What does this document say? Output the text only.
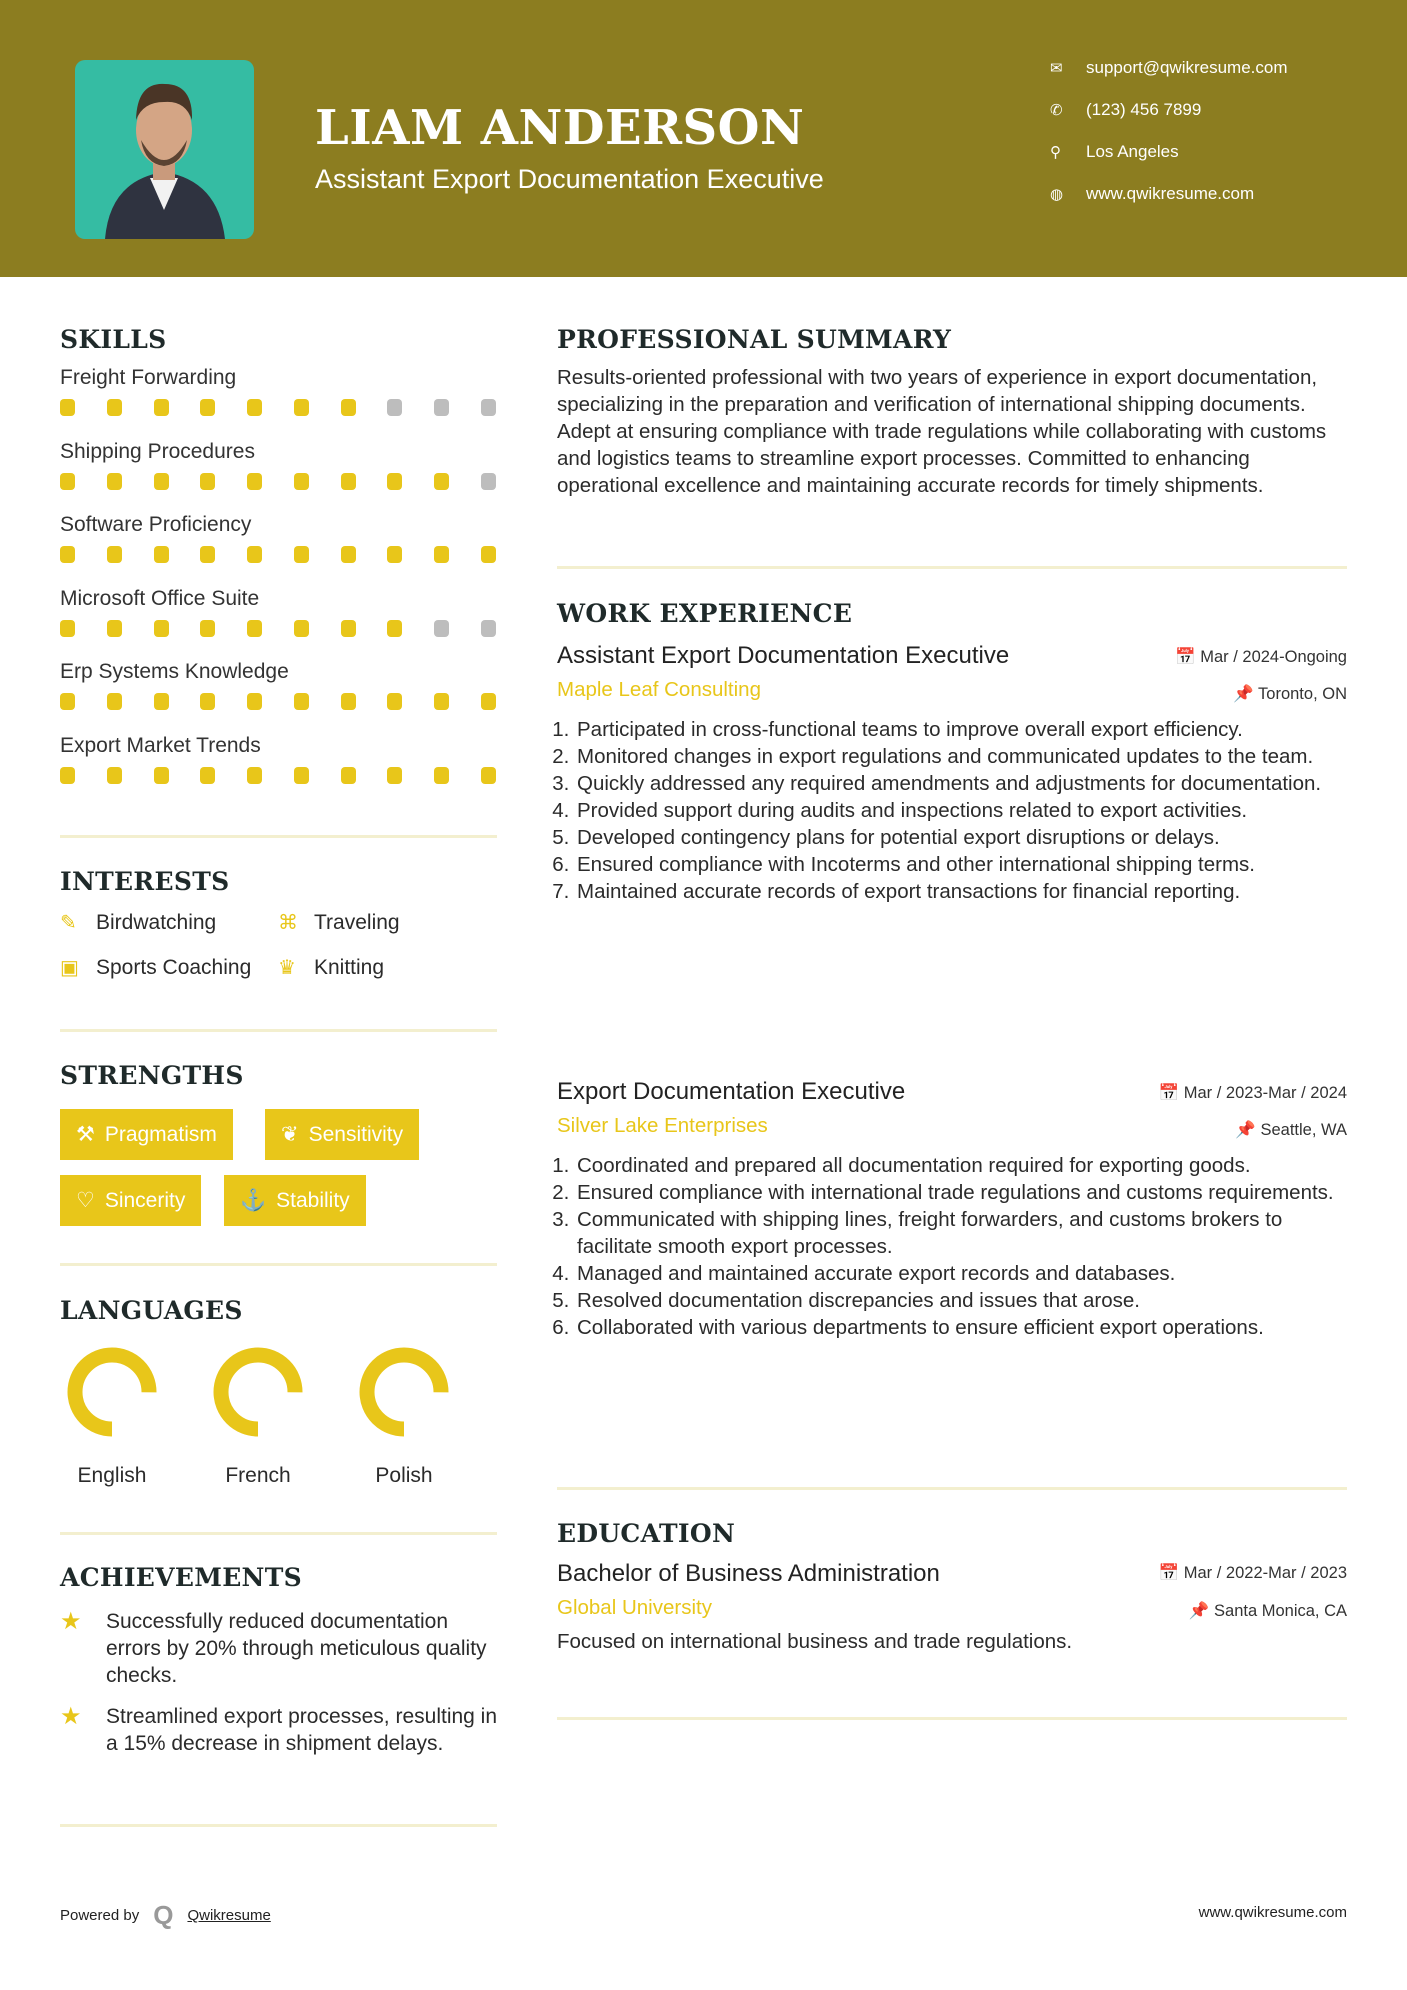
LIAM ANDERSON
Assistant Export Documentation Executive
✉	support@qwikresume.com
✆	(123) 456 7899
⚲	Los Angeles
◍	www.qwikresume.com
SKILLS
Freight Forwarding
Shipping Procedures
Software Proficiency
Microsoft Office Suite
Erp Systems Knowledge
Export Market Trends
INTERESTS
✎ Birdwatching	⌘ Traveling
▣ Sports Coaching ♛ Knitting
STRENGTHS
⚒ Pragmatism	❦ Sensitivity
♡ Sincerity	⚓ Stability
LANGUAGES
English	French	Polish
ACHIEVEMENTS
★	Successfully reduced documentation errors by 20% through meticulous quality checks.
★	Streamlined export processes, resulting in a 15% decrease in shipment delays.
PROFESSIONAL SUMMARY
Results-oriented professional with two years of experience in export documentation, specializing in the preparation and verification of international shipping documents. Adept at ensuring compliance with trade regulations while collaborating with customs and logistics teams to streamline export processes. Committed to enhancing operational excellence and maintaining accurate records for timely shipments.
WORK EXPERIENCE
Assistant Export Documentation Executive	📅 Mar / 2024-Ongoing
Maple Leaf Consulting	📌 Toronto, ON
1. Participated in cross-functional teams to improve overall export efficiency.
2. Monitored changes in export regulations and communicated updates to the team.
3. Quickly addressed any required amendments and adjustments for documentation.
4. Provided support during audits and inspections related to export activities.
5. Developed contingency plans for potential export disruptions or delays.
6. Ensured compliance with Incoterms and other international shipping terms.
7. Maintained accurate records of export transactions for financial reporting.
Export Documentation Executive	📅 Mar / 2023-Mar / 2024
Silver Lake Enterprises	📌 Seattle, WA
1. Coordinated and prepared all documentation required for exporting goods.
2. Ensured compliance with international trade regulations and customs requirements.
3. Communicated with shipping lines, freight forwarders, and customs brokers to facilitate smooth export processes.
4. Managed and maintained accurate export records and databases.
5. Resolved documentation discrepancies and issues that arose.
6. Collaborated with various departments to ensure efficient export operations.
EDUCATION
Bachelor of Business Administration	📅 Mar / 2022-Mar / 2023
Global University	📌 Santa Monica, CA
Focused on international business and trade regulations.
Powered by Q Qwikresume	www.qwikresume.com
